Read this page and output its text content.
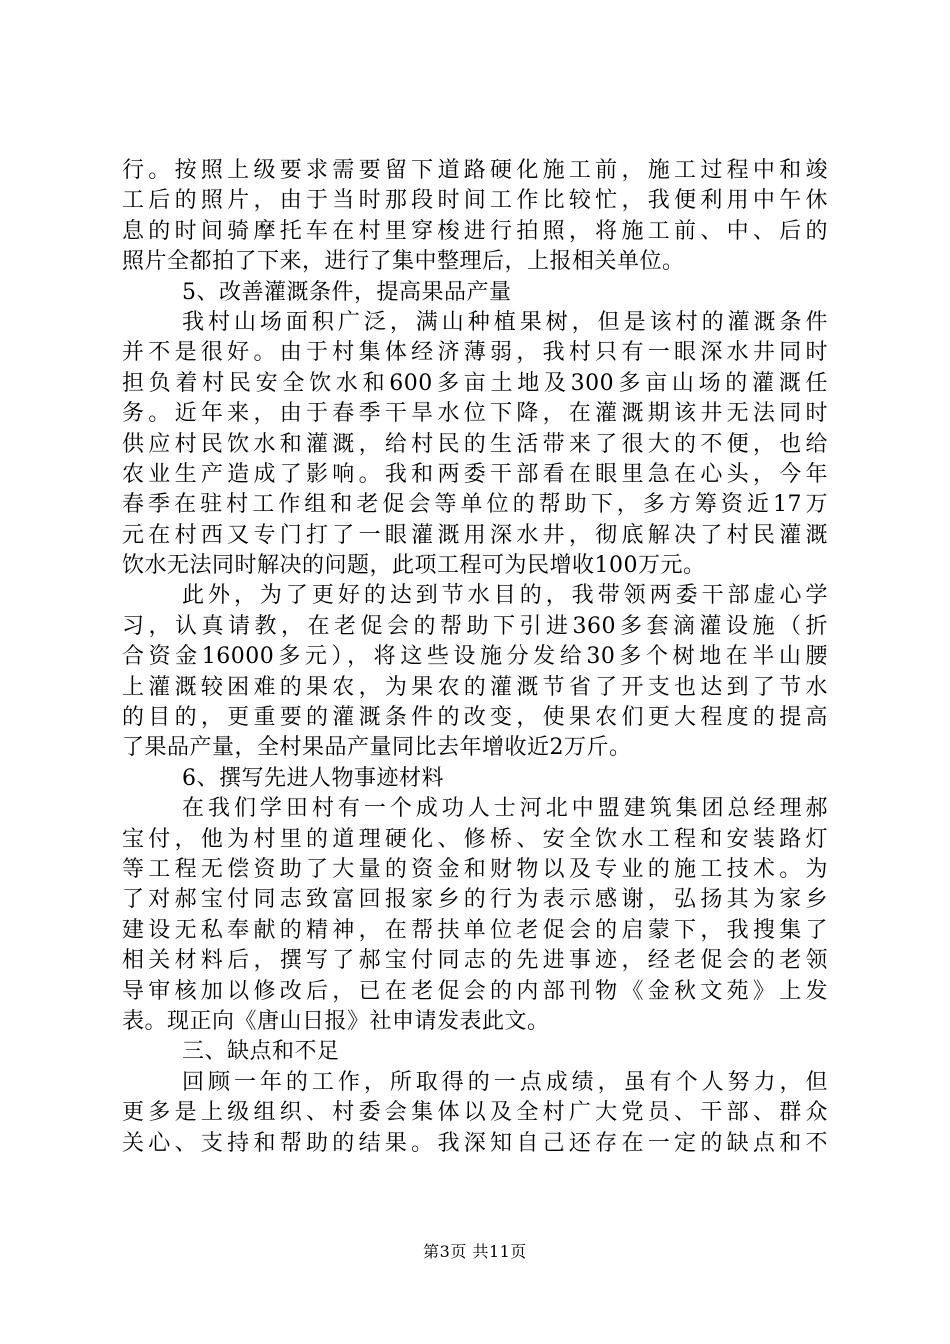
行。按照上级要求需要留下道路硬化施工前，施工过程中和竣
工后的照片，由于当时那段时间工作比较忙，我便利用中午休
息的时间骑摩托车在村里穿梭进行拍照，将施工前、中、后的
照片全都拍了下来，进行了集中整理后，上报相关单位。
5、改善灌溉条件，提高果品产量
我村山场面积广泛，满山种植果树，但是该村的灌溉条件
并不是很好。由于村集体经济薄弱，我村只有一眼深水井同时
担负着村民安全饮水和600多亩土地及300多亩山场的灌溉任
务。近年来，由于春季干旱水位下降，在灌溉期该井无法同时
供应村民饮水和灌溉，给村民的生活带来了很大的不便，也给
农业生产造成了影响。我和两委干部看在眼里急在心头，今年
春季在驻村工作组和老促会等单位的帮助下，多方筹资近17万
元在村西又专门打了一眼灌溉用深水井，彻底解决了村民灌溉
饮水无法同时解决的问题，此项工程可为民增收100万元。
此外，为了更好的达到节水目的，我带领两委干部虚心学
习，认真请教，在老促会的帮助下引进360多套滴灌设施（折
合资金16000多元），将这些设施分发给30多个树地在半山腰
上灌溉较困难的果农，为果农的灌溉节省了开支也达到了节水
的目的，更重要的灌溉条件的改变，使果农们更大程度的提高
了果品产量，全村果品产量同比去年增收近2万斤。
6、撰写先进人物事迹材料
在我们学田村有一个成功人士河北中盟建筑集团总经理郝
宝付，他为村里的道理硬化、修桥、安全饮水工程和安装路灯
等工程无偿资助了大量的资金和财物以及专业的施工技术。为
了对郝宝付同志致富回报家乡的行为表示感谢，弘扬其为家乡
建设无私奉献的精神，在帮扶单位老促会的启蒙下，我搜集了
相关材料后，撰写了郝宝付同志的先进事迹，经老促会的老领
导审核加以修改后，已在老促会的内部刊物《金秋文苑》上发
表。现正向《唐山日报》社申请发表此文。
三、缺点和不足
回顾一年的工作，所取得的一点成绩，虽有个人努力，但
更多是上级组织、村委会集体以及全村广大党员、干部、群众
关心、支持和帮助的结果。我深知自己还存在一定的缺点和不
第3页 共11页
